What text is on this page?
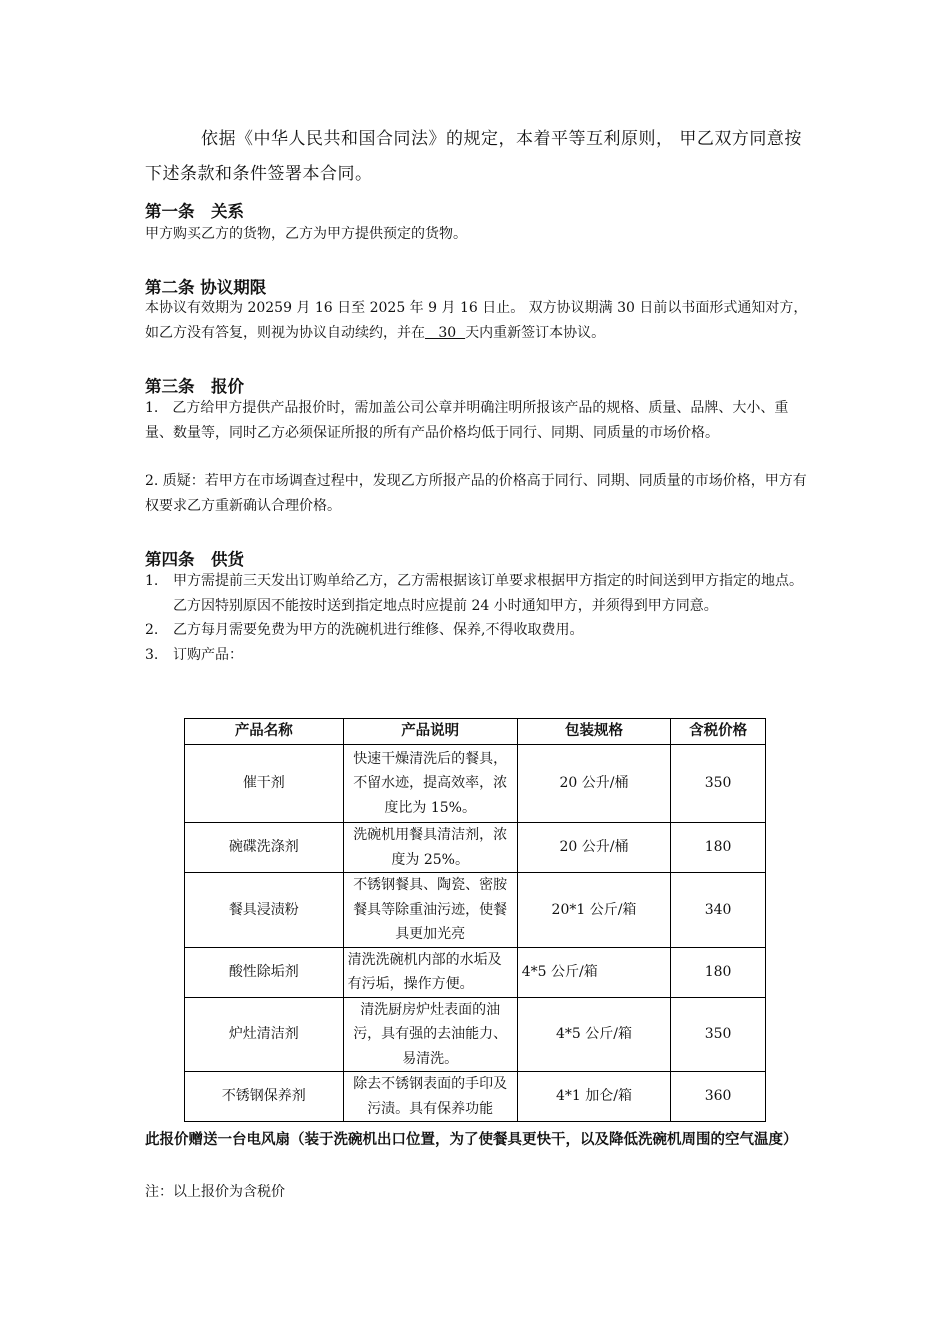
依据《中华人民共和国合同法》的规定，本着平等互利原则， 甲乙双方同意按下述条款和条件签署本合同。

第一条　关系

甲方购买乙方的货物，乙方为甲方提供预定的货物。

第二条 协议期限

本协议有效期为 20259 月 16 日至 2025 年 9 月 16 日止。 双方协议期满 30 日前以书面形式通知对方，如乙方没有答复，则视为协议自动续约，并在   30  天内重新签订本协议。

第三条　报价

1.　乙方给甲方提供产品报价时，需加盖公司公章并明确注明所报该产品的规格、质量、品牌、大小、重量、数量等，同时乙方必须保证所报的所有产品价格均低于同行、同期、同质量的市场价格。

2. 质疑：若甲方在市场调查过程中，发现乙方所报产品的价格高于同行、同期、同质量的市场价格，甲方有权要求乙方重新确认合理价格。

第四条　供货
1. 甲方需提前三天发出订购单给乙方，乙方需根据该订单要求根据甲方指定的时间送到甲方指定的地点。乙方因特别原因不能按时送到指定地点时应提前 24 小时通知甲方，并须得到甲方同意。
2. 乙方每月需要免费为甲方的洗碗机进行维修、保养,不得收取费用。
3. 订购产品：
产品名称	产品说明	包装规格	含税价格
催干剂	快速干燥清洗后的餐具，不留水迹，提高效率，浓度比为 15%。	20 公升/桶	350
碗碟洗涤剂	洗碗机用餐具清洁剂，浓度为 25%。	20 公升/桶	180
餐具浸渍粉	不锈钢餐具、陶瓷、密胺餐具等除重油污迹，使餐具更加光亮	20*1 公斤/箱	340
酸性除垢剂	清洗洗碗机内部的水垢及有污垢，操作方便。	4*5 公斤/箱	180
炉灶清洁剂	清洗厨房炉灶表面的油污，具有强的去油能力、易清洗。	4*5 公斤/箱	350
不锈钢保养剂	除去不锈钢表面的手印及污渍。具有保养功能	4*1 加仑/箱	360

此报价赠送一台电风扇（装于洗碗机出口位置，为了使餐具更快干，以及降低洗碗机周围的空气温度）

注：以上报价为含税价
